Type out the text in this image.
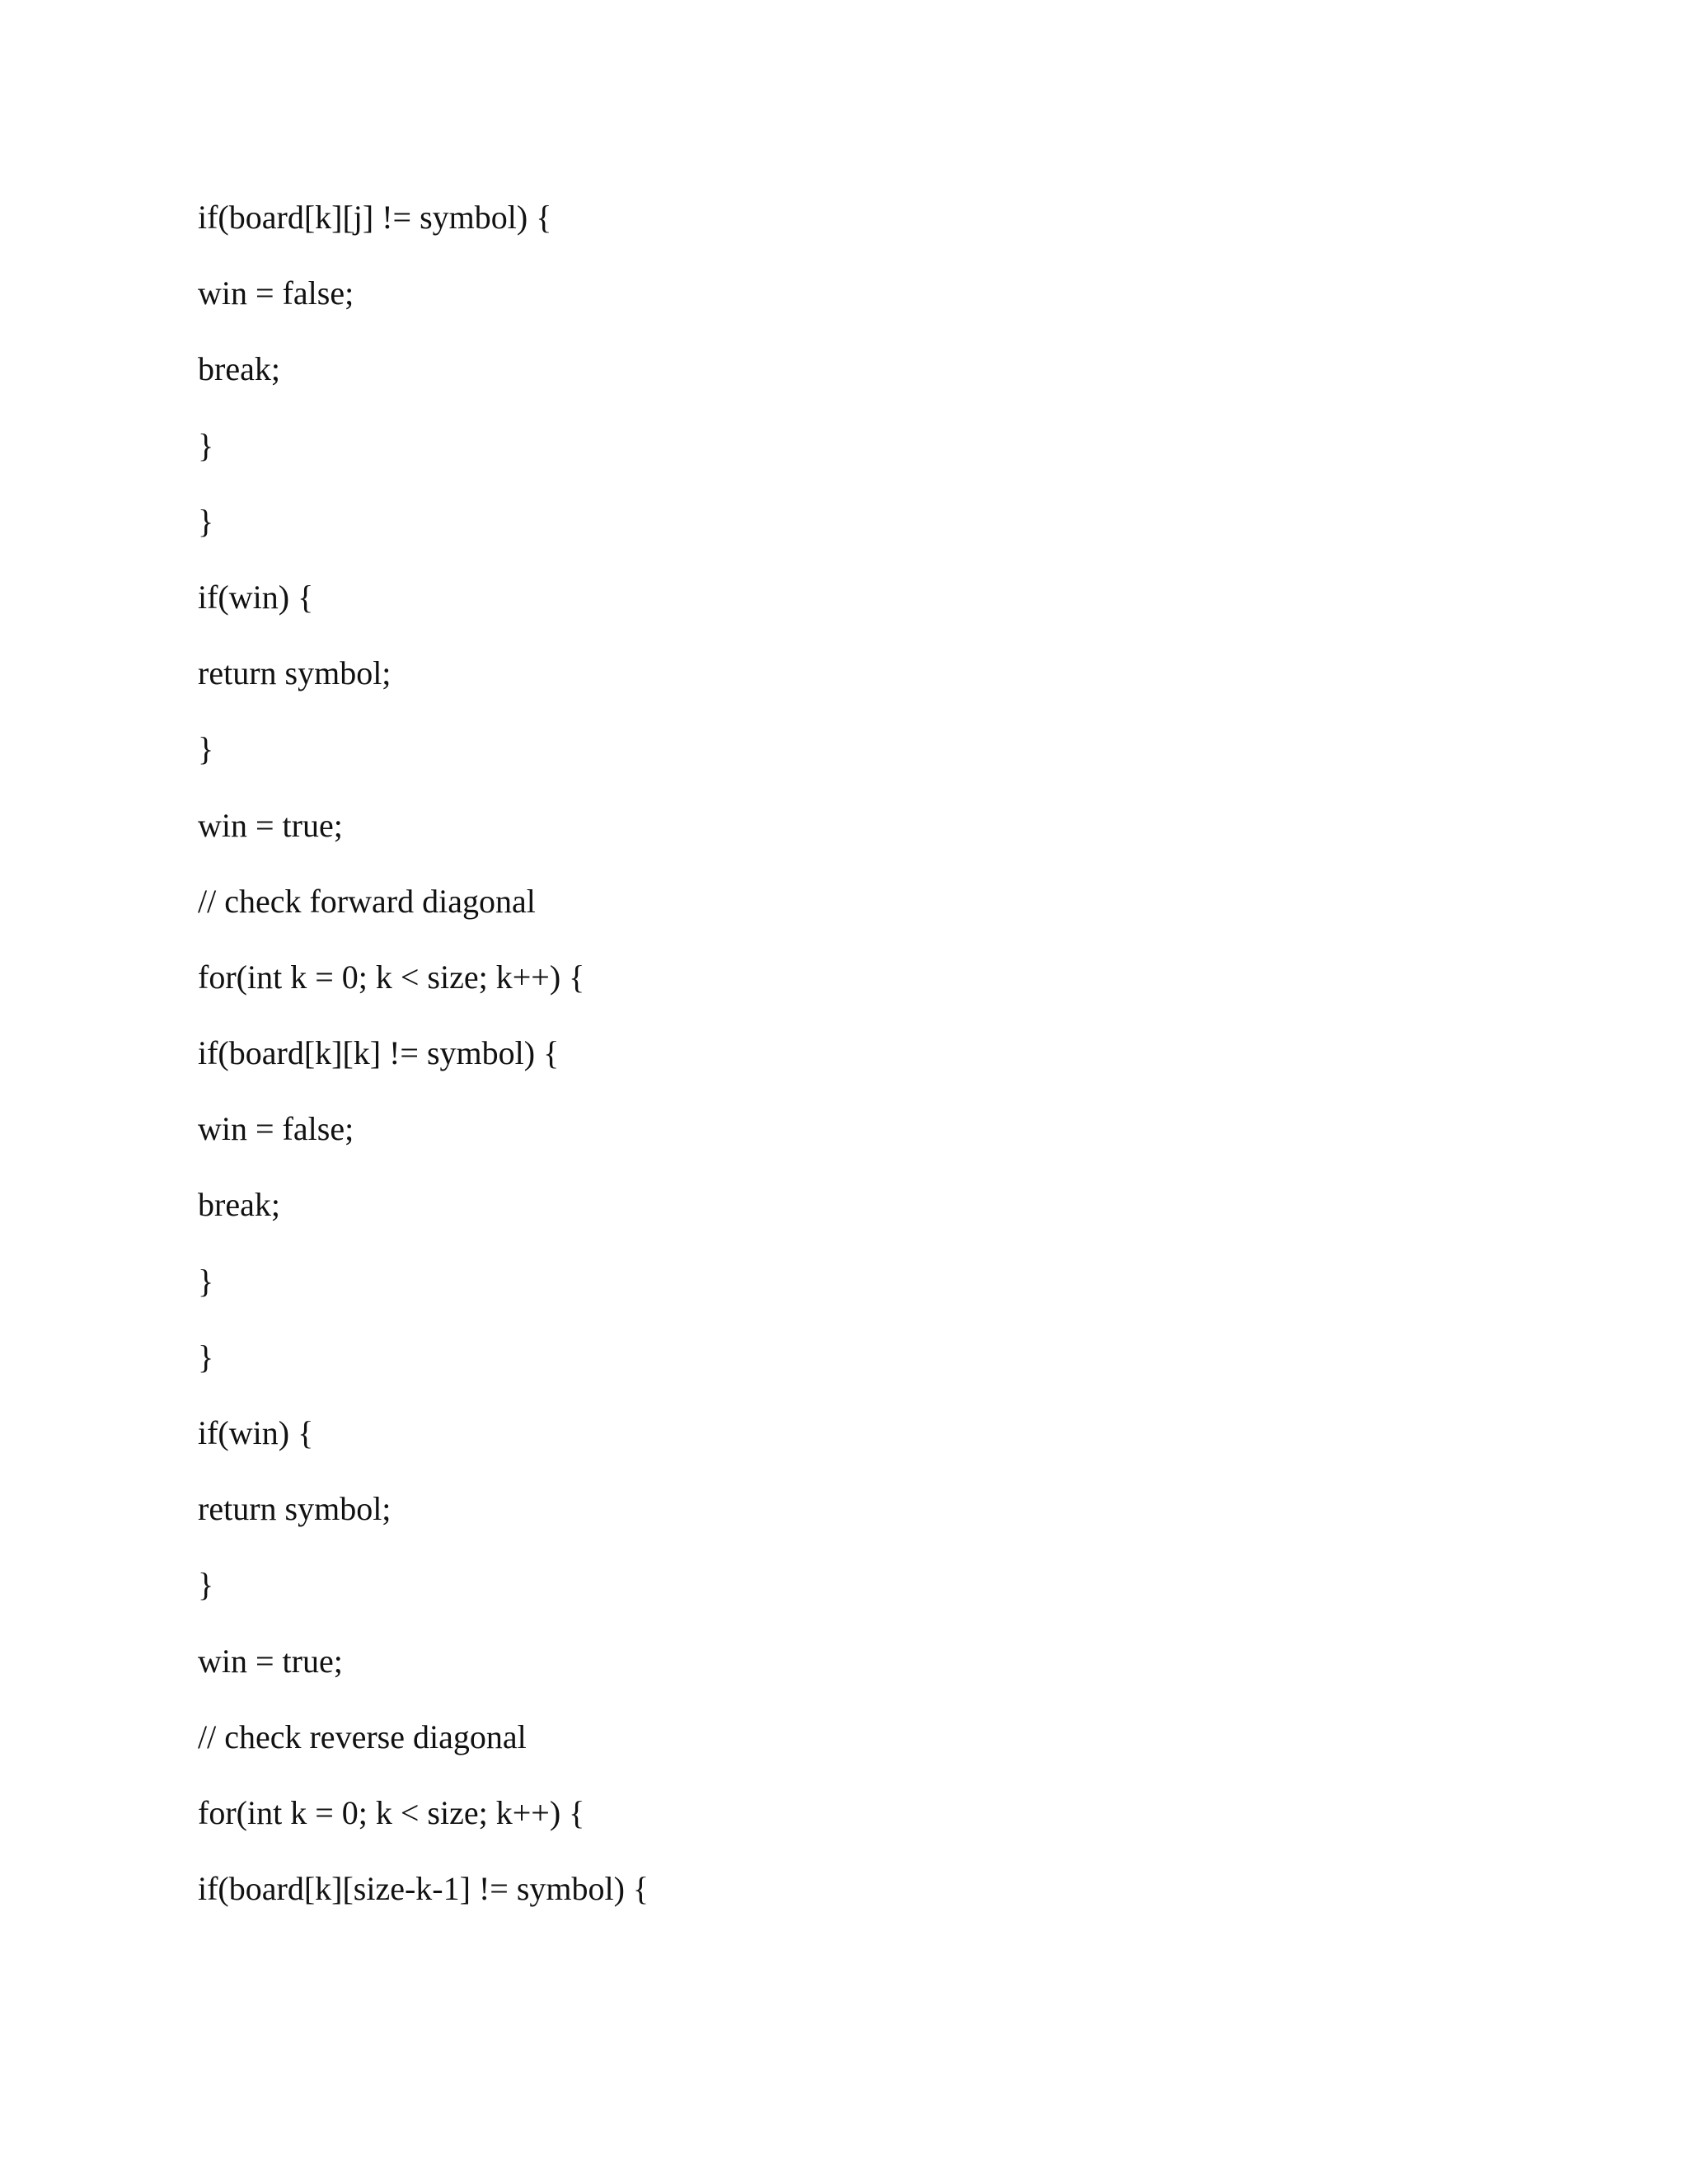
if(board[k][j] != symbol) {
win = false;
break;
}
}
if(win) {
return symbol;
}
win = true;
// check forward diagonal
for(int k = 0; k < size; k++) {
if(board[k][k] != symbol) {
win = false;
break;
}
}
if(win) {
return symbol;
}
win = true;
// check reverse diagonal
for(int k = 0; k < size; k++) {
if(board[k][size-k-1] != symbol) {
